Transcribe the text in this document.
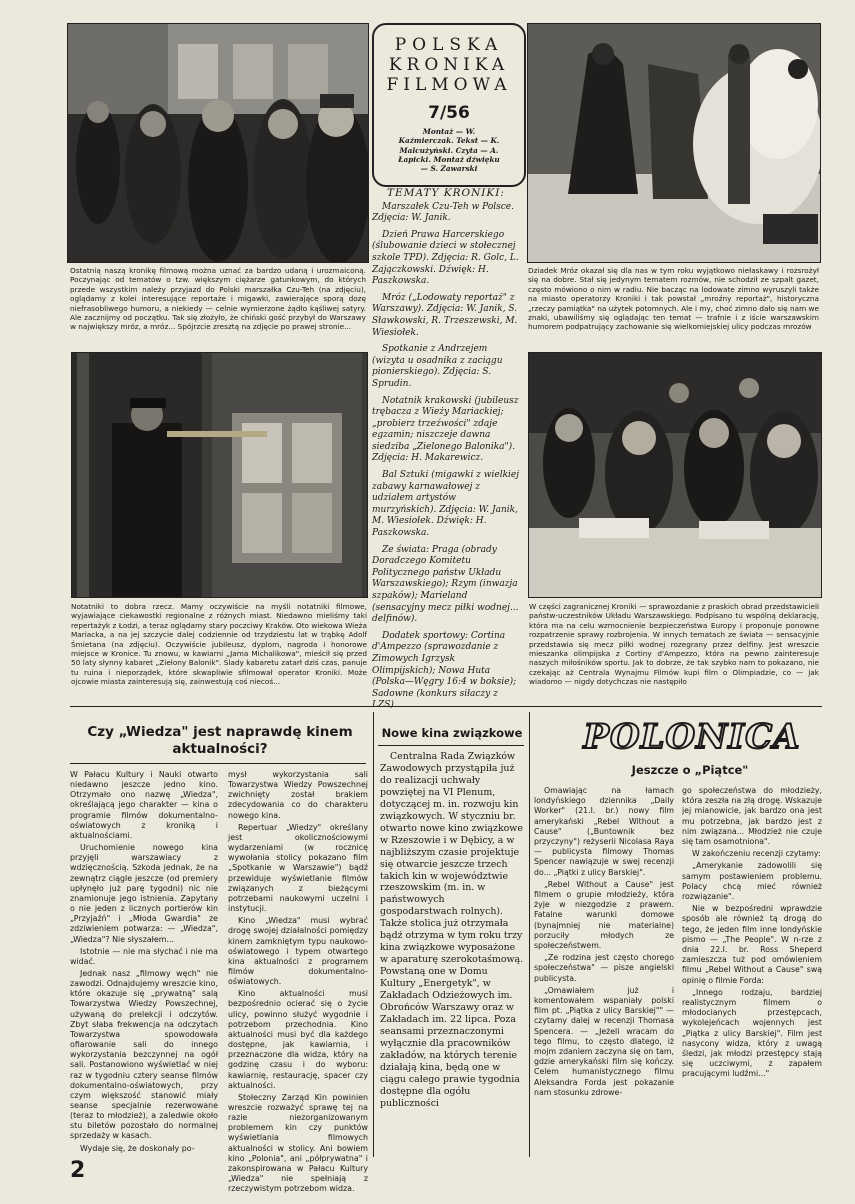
POLSKA
KRONIKA
FILMOWA
7/56
Montaż — W. Kaźmierczak. Tekst — K. Malcużyński. Czyta — A. Łapicki. Montaż dźwięku — S. Zawarski
TEMATY KRONIKI:

Marszałek Czu-Teh w Polsce. Zdjęcia: W. Janik.

Dzień Prawa Harcerskiego (ślubowanie dzieci w stołecznej szkole TPD). Zdjęcia: R. Golc, L. Zajączkowski. Dźwięk: H. Paszkowska.

Mróz („Lodowaty reportaż" z Warszawy). Zdjęcia: W. Janik, S. Sławkowski, R. Trzeszewski, M. Wiesiołek.

Spotkanie z Andrzejem (wizyta u osadnika z zaciągu pionierskiego). Zdjęcia: S. Sprudin.

Notatnik krakowski (jubileusz trębacza z Wieży Mariackiej; „probierz trzeźwości" zdaje egzamin; niszczeje dawna siedziba „Zielonego Balonika"). Zdjęcia: H. Makarewicz.

Bal Sztuki (migawki z wielkiej zabawy karnawałowej z udziałem artystów murzyńskich). Zdjęcia: W. Janik, M. Wiesiołek. Dźwięk: H. Paszkowska.

Ze świata: Praga (obrady Doradczego Komitetu Politycznego państw Układu Warszawskiego); Rzym (inwazja szpaków); Marieland (sensacyjny mecz piłki wodnej... delfinów).

Dodatek sportowy: Cortina d'Ampezzo (sprawozdanie z Zimowych Igrzysk Olimpijskich); Nowa Huta (Polska—Węgry 16:4 w boksie); Sadowne (konkurs siłaczy z

Ostatnią naszą kronikę filmową można uznać za bardzo udaną i urozmaiconą. Poczynając od tematów o tzw. większym ciężarze gatunkowym, do których przede wszystkim należy przyjazd do Polski marszałka Czu-Teh (na zdjęciu), oglądamy z kolei interesujące reportaże i migawki, zawierające sporą dozę niefrasobliwego humoru, a niekiedy — celnie wymierzone żądło kąśliwej satyry. Ale zacznijmy od początku. Tak się złożyło, że chiński gość przybył do Warszawy w największy mróz, a mróz... Spójrzcie zresztą na zdjęcie po prawej stronie...
Dziadek Mróz okazał się dla nas w tym roku wyjątkowo niełaskawy i rozsrożył się na dobre. Stał się jedynym tematem rozmów, nie schodził ze szpalt gazet, często mówiono o nim w radiu. Nie bacząc na lodowate zimno wyruszyli także na miasto operatorzy Kroniki i tak powstał „mroźny reportaż", historyczna „rzeczy pamiątka" na użytek potomnych. Ale i my, choć zimno dało się nam we znaki, ubawiliśmy się oglądając ten temat — trafnie i z iście warszawskim humorem podpatrujący zachowanie się wielkomiejskiej ulicy podczas mrozów
Notatniki to dobra rzecz. Mamy oczywiście na myśli notatniki filmowe, wyjawiające ciekawostki regionalne z różnych miast. Niedawno mieliśmy taki repertażyk z Łodzi, a teraz oglądamy stary poczciwy Kraków. Oto wiekowa Wieża Mariacka, a na jej szczycie dalej codziennie od trzydziestu lat w trąbkę Adolf Śmietana (na zdjęciu). Oczywiście jubileusz, dyplom, nagroda i honorowe miejsce w Kronice. Tu znowu, w kawiarni „Jama Michalikowa", mieścił się przed 50 laty słynny kabaret „Zielony Balonik". Ślady kabaretu zatarł dziś czas, panuje tu ruina i nieporządek, które skwapliwie sfilmował operator Kroniki. Może ojcowie miasta zainteresują się, zainwestują coś niecoś...
W części zagranicznej Kroniki — sprawozdanie z praskich obrad przedstawicieli państw-uczestników Układu Warszawskiego. Podpisano tu wspólną deklarację, która ma na celu wzmocnienie bezpieczeństwa Europy i proponuje ponowne rozpatrzenie sprawy rozbrojenia. W innych tematach ze świata — sensacyjnie przedstawia się mecz piłki wodnej rozegrany przez delfiny. Jest wreszcie mieszanka olimpijska z Cortiny d'Ampezzo, która na pewno zainteresuje naszych miłośników sportu. Jak to dobrze, że tak szybko nam to pokazano, nie czekając aż Centrala Wynajmu Filmów kupi film o Olimpiadzie, co — jak wiadomo — nigdy dotychczas nie następiło
Czy „Wiedza" jest naprawdę kinem aktualności?

W Pałacu Kultury i Nauki otwarto niedawno jeszcze jedno kino. Otrzymało ono nazwę „Wiedza", określającą jego charakter — kina o programie filmów dokumentalno-oświatowych z kroniką i aktualnościami.

Uruchomienie nowego kina przyjęli warszawiacy z wdzięcznością. Szkoda jednak, że na zewnątrz ciągle jeszcze (od premiery upłynęło już parę tygodni) nic nie znamionuje jego istnienia. Zapytany o nie jeden z licznych portierów kin „Przyjaźń" i „Młoda Gwardia" ze zdziwieniem potwarza: — „Wiedza", „Wiedza"? Nie słyszałem...

Istotnie — nie ma słychać i nie ma widać.

Jednak nasz „filmowy węch" nie zawodzi. Odnajdujemy wreszcie kino, które okazuje się „prywatną" salą Towarzystwa Wiedzy Powszechnej, używaną do prelekcji i odczytów. Zbyt słaba frekwencja na odczytach Towarzystwa spowodowała ofiarowanie sali do innego wykorzystania bezczynnej na ogół sali. Postanowiono wyświetlać w niej raz w tygodniu cztery seanse filmów dokumentalno-oświatowych, przy czym większość stanowić miały seanse specjalnie rezerwowane (teraz to młodzież), a zaledwie około stu biletów pozostało do normalnej sprzedaży w kasach.

Wydaje się, że doskonały po-

mysł wykorzystania sali Towarzystwa Wiedzy Powszechnej zwichnięty został brakiem zdecydowania co do charakteru nowego kina.

Repertuar „Wiedzy" określany jest okolicznościowymi wydarzeniami (w rocznicę wywołania stolicy pokazano film „Spotkanie w Warszawie") bądź przewiduje wyświetlanie filmów związanych z bieżącymi potrzebami naukowymi uczelni i instytucji.

Kino „Wiedza" musi wybrać drogę swojej działalności pomiędzy kinem zamkniętym typu naukowo-oświatowego i typem otwartego kina aktualności z programem filmów dokumentalno-oświatowych.

Kino aktualności musi bezpośrednio ocierać się o życie ulicy, powinno służyć wygodnie i potrzebom przechodnia. Kino aktualności musi być dla każdego dostępne, jak kawiarnia, i przeznaczone dla widza, który na godzinę czasu i do wyboru: kawiarnię, restaurację, spacer czy aktualności.

Stołeczny Zarząd Kin powinien wreszcie rozważyć sprawę tej na razie niezorganizowanym problemem kin czy punktów wyświetlania filmowych aktualności w stolicy. Ani bowiem kino „Polonia", ani „półprywatna" i zakonspirowana w Pałacu Kultury „Wiedza" nie spełniają z rzeczywistym potrzebom widza.

Nowe kina związkowe

Centralna Rada Związków Zawodowych przystąpiła już do realizacji uchwały powziętej na VI Plenum, dotyczącej m. in. rozwoju kin związkowych. W styczniu br. otwarto nowe kino związkowe w Rzeszowie i w Dębicy, a w najbliższym czasie projektuje się otwarcie jeszcze trzech takich kin w województwie rzeszowskim (m. in. w państwowych gospodarstwach rolnych). Także stolica już otrzymała bądź otrzyma w tym roku trzy kina związkowe wyposażone w aparaturę szerokotaśmową. Powstaną one w Domu Kultury „Energetyk", w Zakładach Odzieżowych im. Obrońców Warszawy oraz w Zakładach im. 22 lipca. Poza seansami przeznaczonymi wyłącznie dla pracowników zakładów, na których terenie działają kina, będą one w ciągu całego prawie tygodnia dostępne dla ogółu publiczności

POLONICA
Jeszcze o „Piątce"

Omawiając na łamach londyńskiego dziennika „Daily Worker" (21.I. br.) nowy film amerykański „Rebel Without a Cause" („Buntownik bez przyczyny") reżyserii Nicolasa Raya — publicysta filmowy Thomas Spencer nawiązuje w swej recenzji do... „Piątki z ulicy Barskiej".

„Rebel Without a Cause" jest filmem o grupie młodzieży, która żyje w niezgodzie z prawem. Fatalne warunki domowe (bynajmniej nie materialne) porzuciły młodych ze społeczeństwem.

„Ze rodzina jest często chorego społeczeństwa" — pisze angielski publicysta.

„Omawiałem już i komentowałem wspaniały polski film pt. „Piątka z ulicy Barskiej"" — czytamy dalej w recenzji Thomasa Spencera. — „Jeżeli wracam do tego filmu, to często dlatego, iż mojm zdaniem zaczyna się on tam, gdzie amerykański film się kończy. Celem humanistycznego filmu Aleksandra Forda jest pokazanie nam stosunku zdrowe-

go społeczeństwa do młodzieży, która zeszła na złą drogę. Wskazuje jej mianowicie, jak bardzo ona jest mu potrzebna, jak bardzo jest z nim związana... Młodzież nie czuje się tam osamotniona".

W zakończeniu recenzji czytamy:

„Amerykanie zadowolili się samym postawieniem problemu. Polacy chcą mieć również rozwiązanie".

Nie w bezpośredni wprawdzie sposób ale również tą drogą do tego, że jeden film inne londyńskie pismo — „The People". W n-rze z dnia 22.I. br. Ross Sheperd zamieszcza tuż pod omówieniem filmu „Rebel Without a Cause" swą opinię o filmie Forda:

„Innego rodzaju, bardziej realistycznym filmem o młodocianych przestępcach, wykolejeńcach wojennych jest „Piątka z ulicy Barskiej". Film jest nasycony widza, który z uwagą śledzi, jak młodzi przestępcy stają się uczciwymi, z zapałem pracującymi ludźmi..."

2
